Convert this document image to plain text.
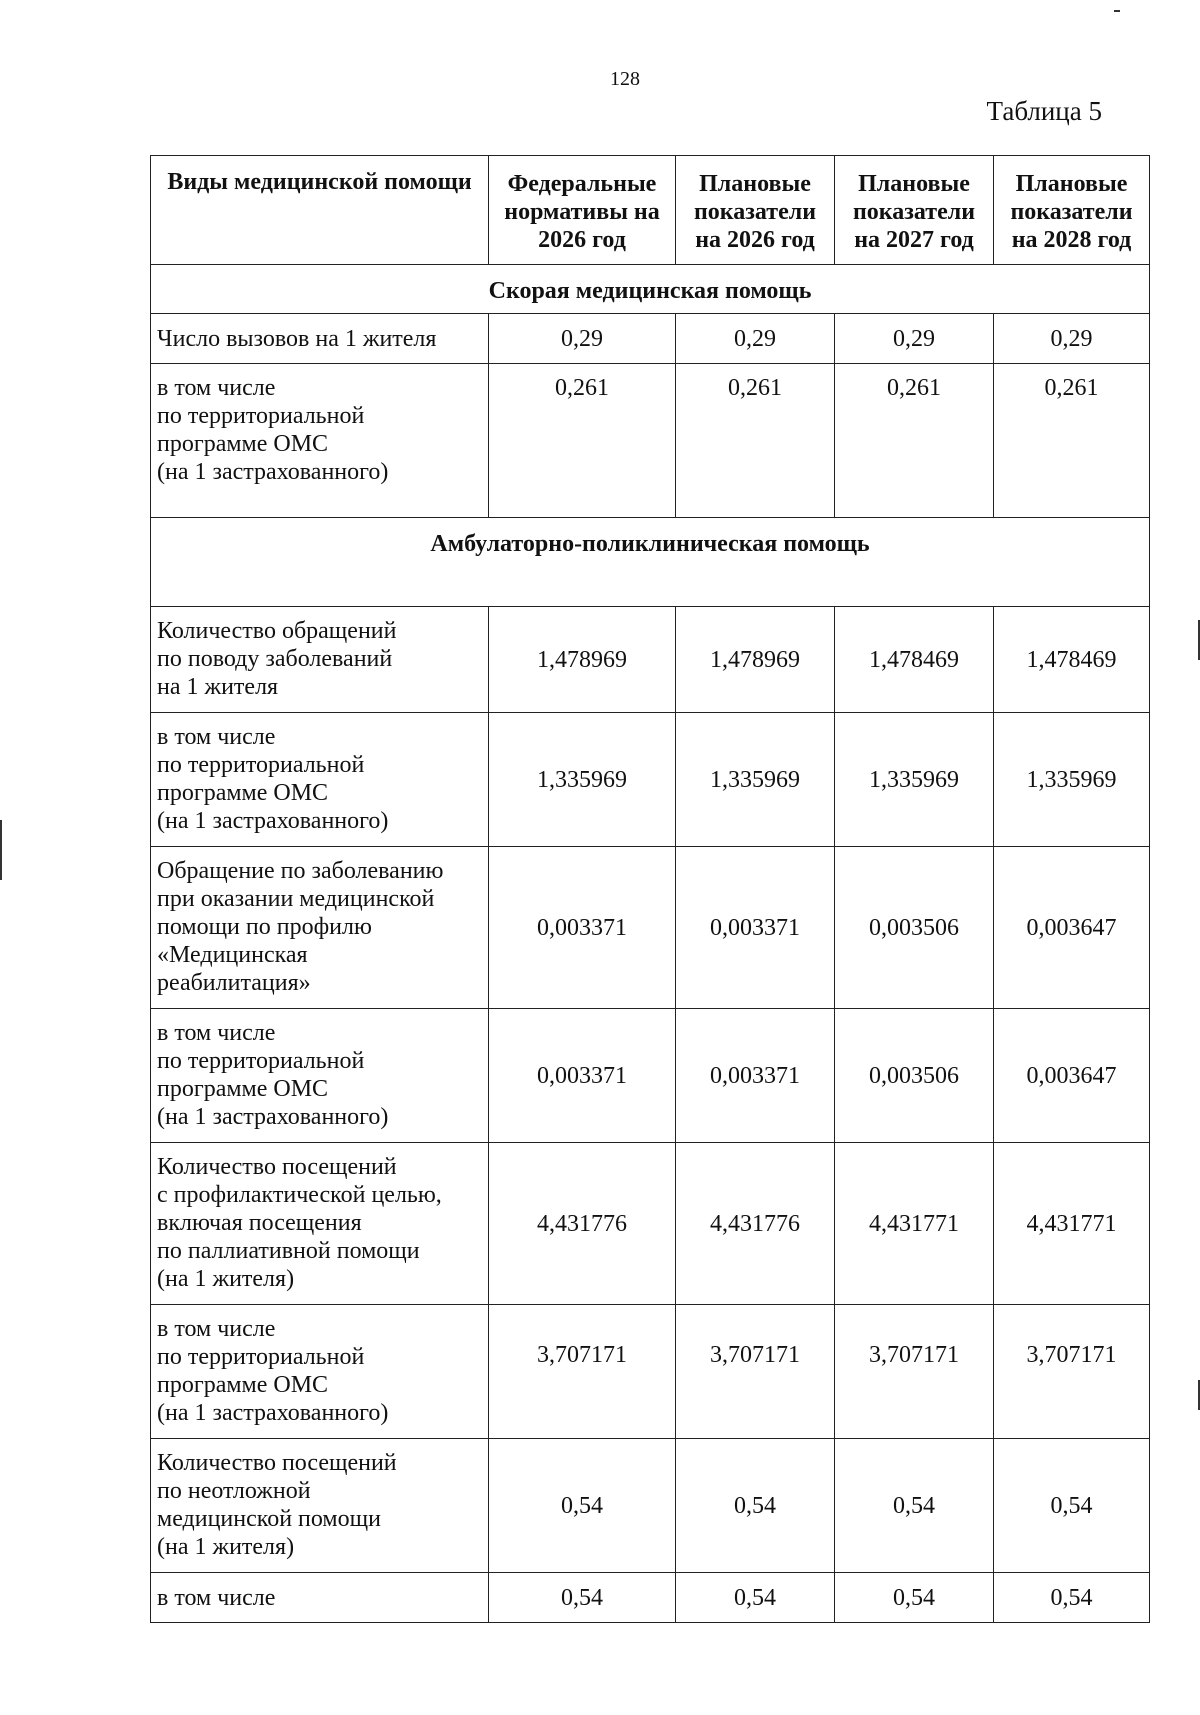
128
Таблица 5
Виды медицинской помощи	Федеральные нормативы на 2026 год	Плановые показатели на 2026 год	Плановые показатели на 2027 год	Плановые показатели на 2028 год
Скорая медицинская помощь				
Число вызовов на 1 жителя	0,29	0,29	0,29	0,29
в том числе
по территориальной
программе ОМС
(на 1 застрахованного)	0,261	0,261	0,261	0,261
Амбулаторно-поликлиническая помощь				
Количество обращений
по поводу заболеваний
на 1 жителя	1,478969	1,478969	1,478469	1,478469
в том числе
по территориальной
программе ОМС
(на 1 застрахованного)	1,335969	1,335969	1,335969	1,335969
Обращение по заболеванию
при оказании медицинской
помощи по профилю
«Медицинская
реабилитация»	0,003371	0,003371	0,003506	0,003647
в том числе
по территориальной
программе ОМС
(на 1 застрахованного)	0,003371	0,003371	0,003506	0,003647
Количество посещений
с профилактической целью,
включая посещения
по паллиативной помощи
(на 1 жителя)	4,431776	4,431776	4,431771	4,431771
в том числе
по территориальной
программе ОМС
(на 1 застрахованного)	3,707171	3,707171	3,707171	3,707171
Количество посещений
по неотложной
медицинской помощи
(на 1 жителя)	0,54	0,54	0,54	0,54
в том числе	0,54	0,54	0,54	0,54
